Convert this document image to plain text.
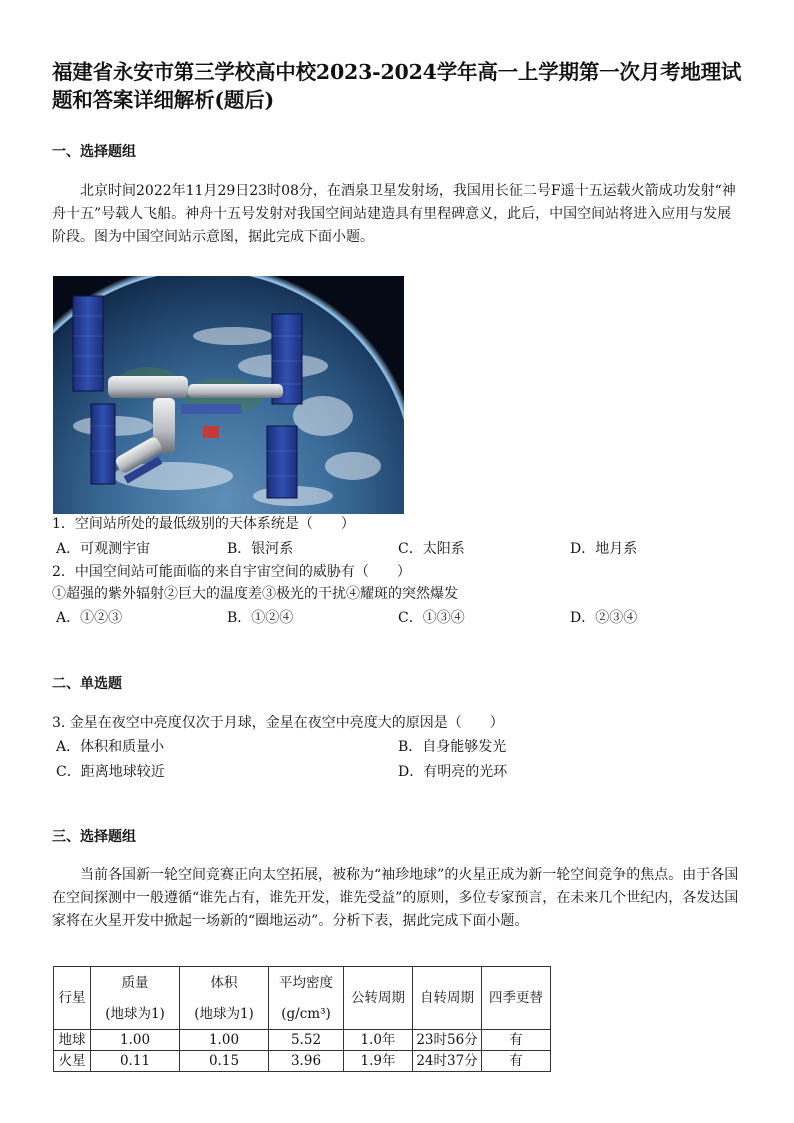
福建省永安市第三学校高中校2023-2024学年高一上学期第一次月考地理试题和答案详细解析(题后)
一、选择题组
北京时间2022年11月29日23时08分，在酒泉卫星发射场，我国用长征二号F遥十五运载火箭成功发射“神舟十五”号载人飞船。神舟十五号发射对我国空间站建造具有里程碑意义，此后，中国空间站将进入应用与发展阶段。图为中国空间站示意图，据此完成下面小题。
1．空间站所处的最低级别的天体系统是（　　）
A．可观测宇宙	B．银河系	C．太阳系	D．地月系
2．中国空间站可能面临的来自宇宙空间的威胁有（　　）
①超强的紫外辐射②巨大的温度差③极光的干扰④耀斑的突然爆发
A．①②③	B．①②④	C．①③④	D．②③④
二、单选题
3. 金星在夜空中亮度仅次于月球，金星在夜空中亮度大的原因是（　　）
A．体积和质量小	B．自身能够发光
C．距离地球较近	D．有明亮的光环
三、选择题组
当前各国新一轮空间竞赛正向太空拓展，被称为“袖珍地球”的火星正成为新一轮空间竞争的焦点。由于各国在空间探测中一般遵循“谁先占有，谁先开发，谁先受益”的原则，多位专家预言，在未来几个世纪内，各发达国家将在火星开发中掀起一场新的“圈地运动”。分析下表，据此完成下面小题。
行星	质量	体积	平均密度	公转周期	自转周期	四季更替
	(地球为1)	(地球为1)	(g/cm³)			
地球	1.00	1.00	5.52	1.0年	23时56分	有
火星	0.11	0.15	3.96	1.9年	24时37分	有
